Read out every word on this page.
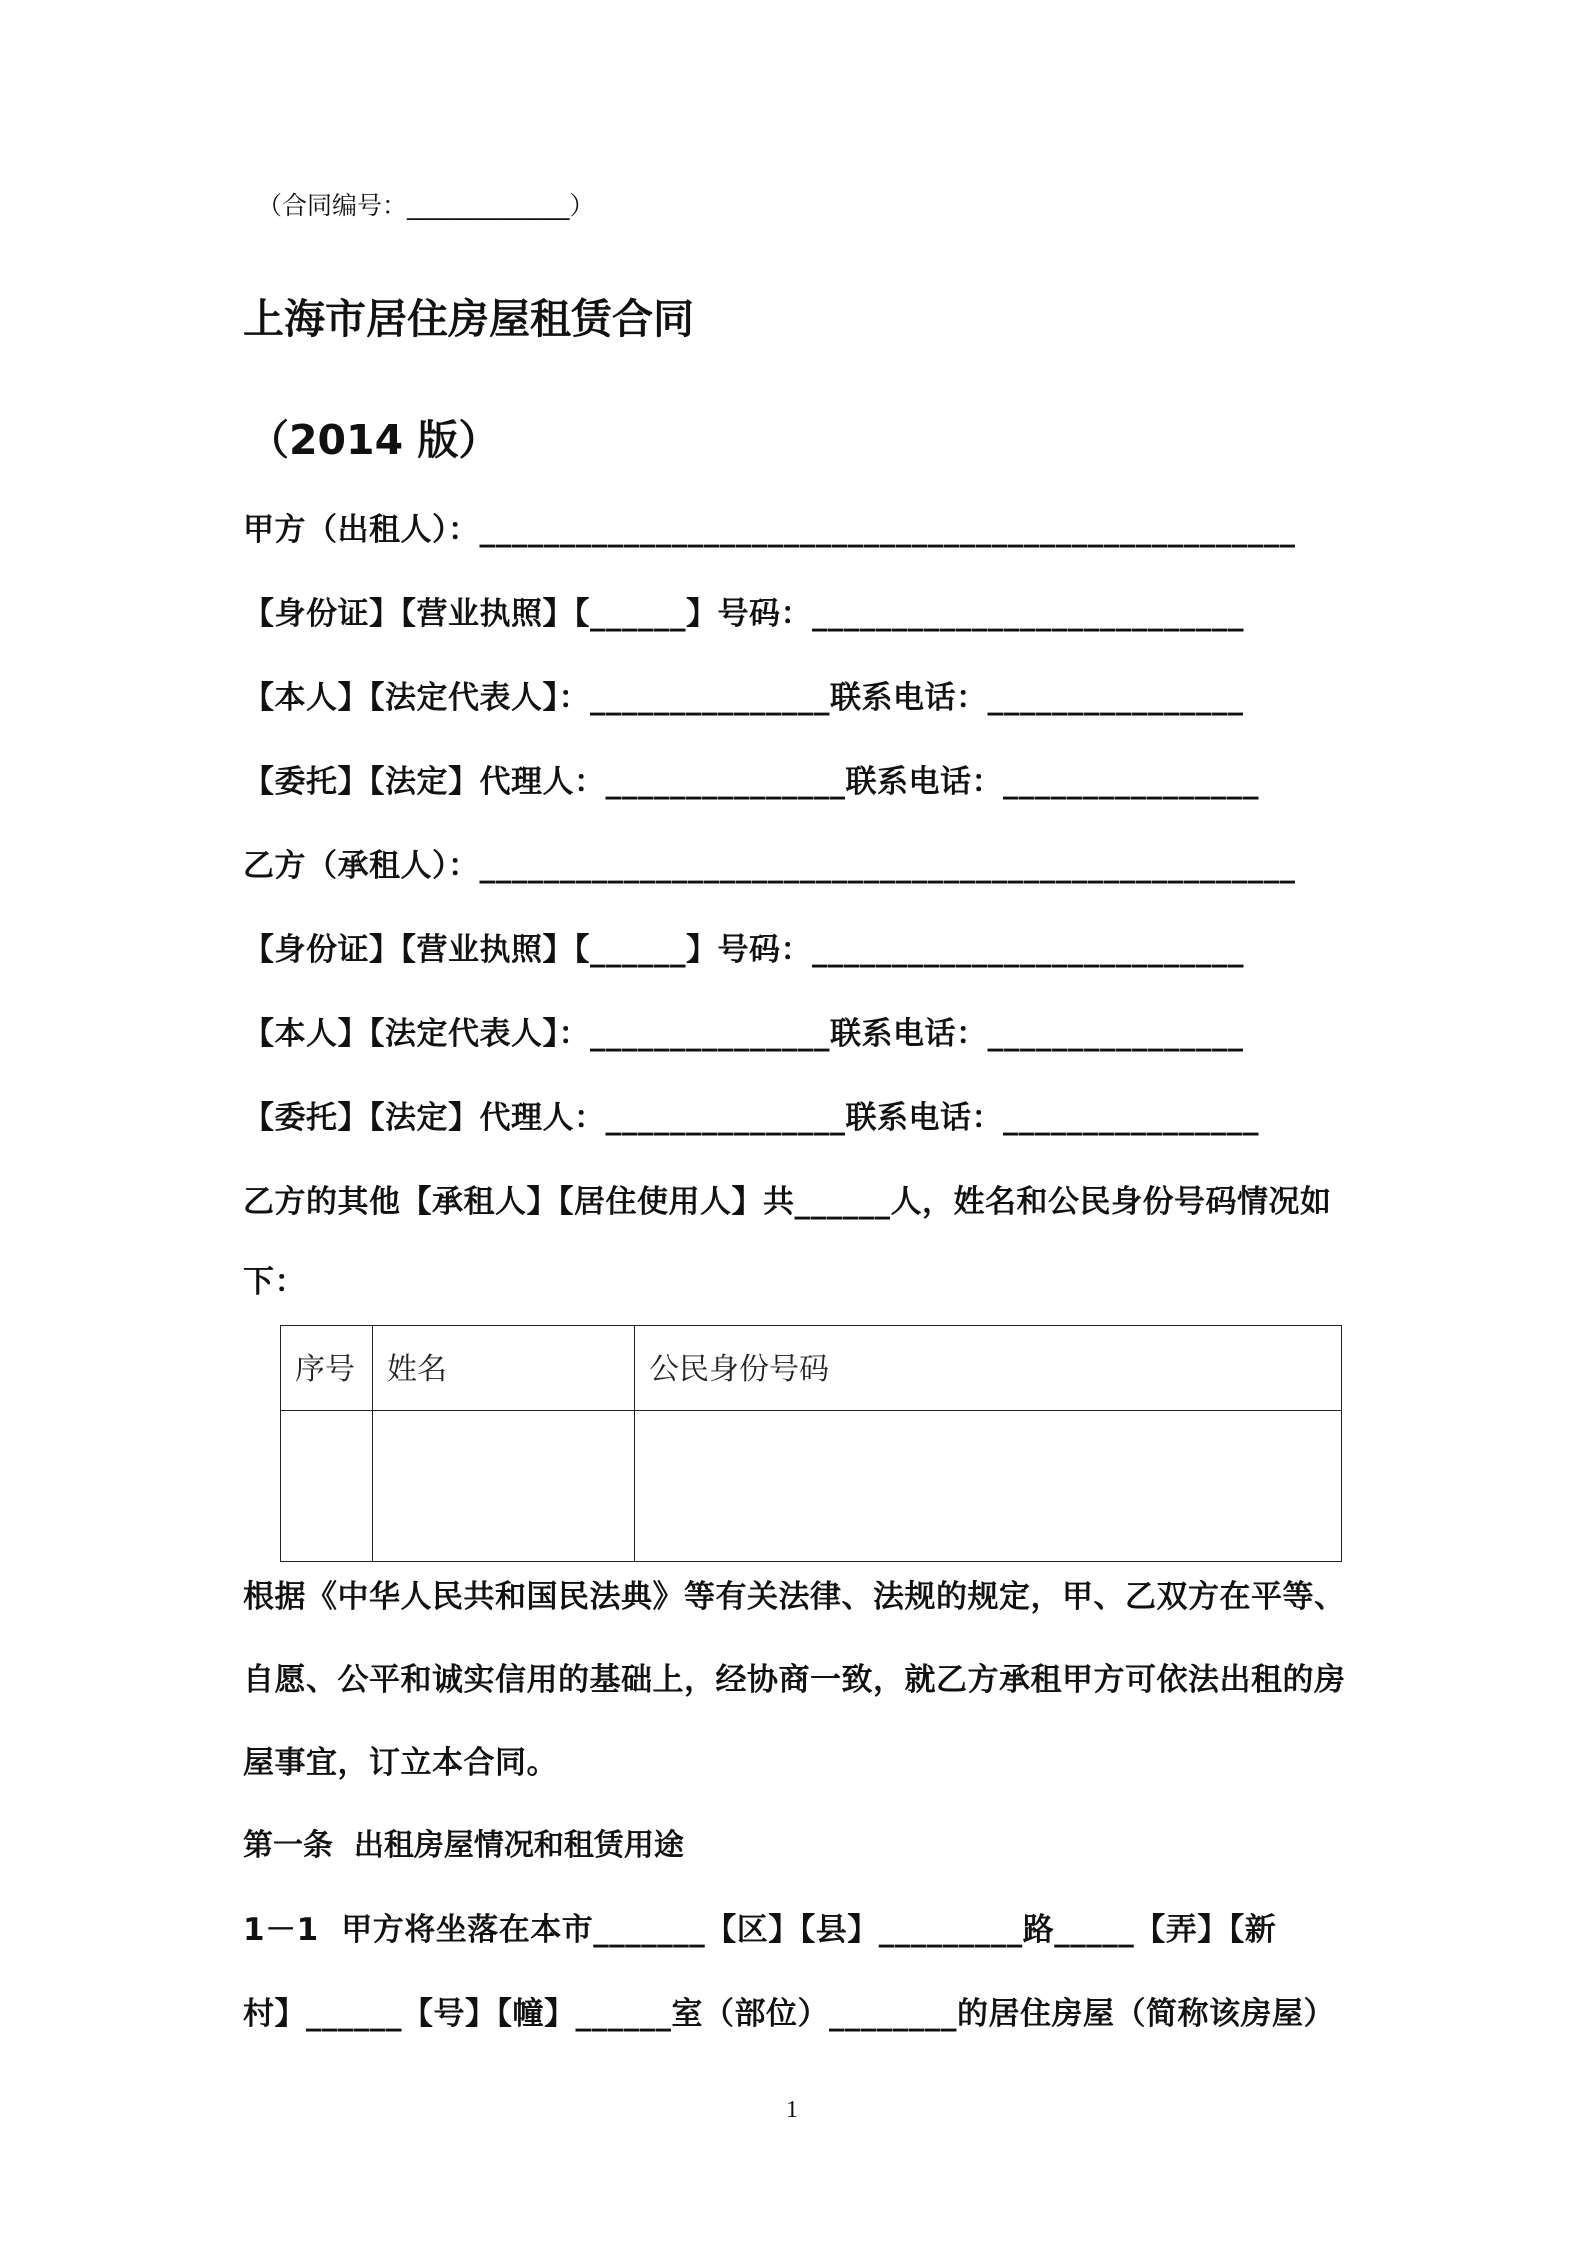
（合同编号：_____________）
上海市居住房屋租赁合同
（2014 版）
甲方（出租人）：___________________________________________________
【身份证】【营业执照】【______】号码：___________________________
【本人】【法定代表人】：_______________联系电话：________________
【委托】【法定】代理人：_______________联系电话：________________
乙方（承租人）：___________________________________________________
【身份证】【营业执照】【______】号码：___________________________
【本人】【法定代表人】：_______________联系电话：________________
【委托】【法定】代理人：_______________联系电话：________________
乙方的其他【承租人】【居住使用人】共______人，姓名和公民身份号码情况如
下：
序号	姓名	公民身份号码

根据《中华人民共和国民法典》等有关法律、法规的规定，甲、乙双方在平等、
自愿、公平和诚实信用的基础上，经协商一致，就乙方承租甲方可依法出租的房
屋事宜，订立本合同。
第一条  出租房屋情况和租赁用途
1－1  甲方将坐落在本市_______【区】【县】_________路_____【弄】【新
村】______【号】【幢】______室（部位）________的居住房屋（简称该房屋）
1
